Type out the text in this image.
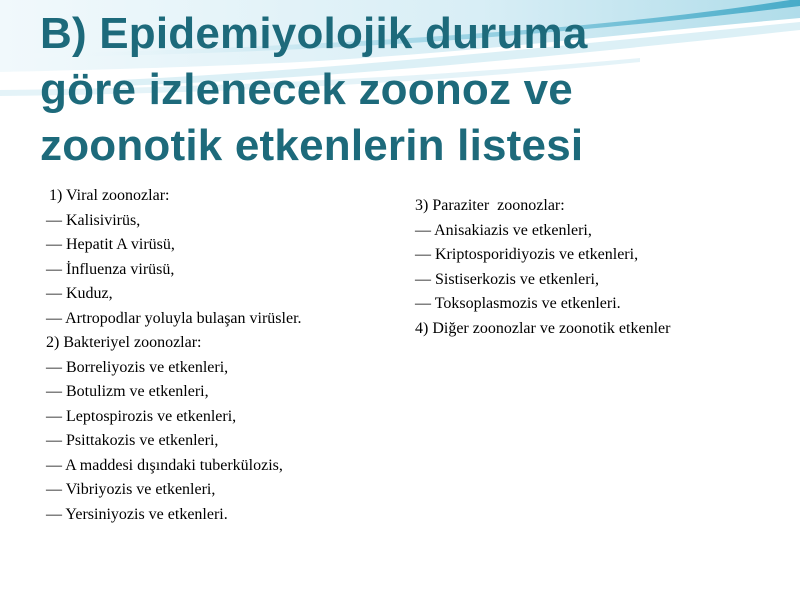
B) Epidemiyolojik duruma
göre izlenecek zoonoz ve
zoonotik etkenlerin listesi
1) Viral zoonozlar:
— Kalisivirüs,
— Hepatit A virüsü,
— İnfluenza virüsü,
— Kuduz,
— Artropodlar yoluyla bulaşan virüsler.
2) Bakteriyel zoonozlar:
— Borreliyozis ve etkenleri,
— Botulizm ve etkenleri,
— Leptospirozis ve etkenleri,
— Psittakozis ve etkenleri,
— A maddesi dışındaki tuberkülozis,
— Vibriyozis ve etkenleri,
— Yersiniyozis ve etkenleri.
3) Paraziter  zoonozlar:
— Anisakiazis ve etkenleri,
— Kriptosporidiyozis ve etkenleri,
— Sistiserkozis ve etkenleri,
— Toksoplasmozis ve etkenleri.
4) Diğer zoonozlar ve zoonotik etkenler
